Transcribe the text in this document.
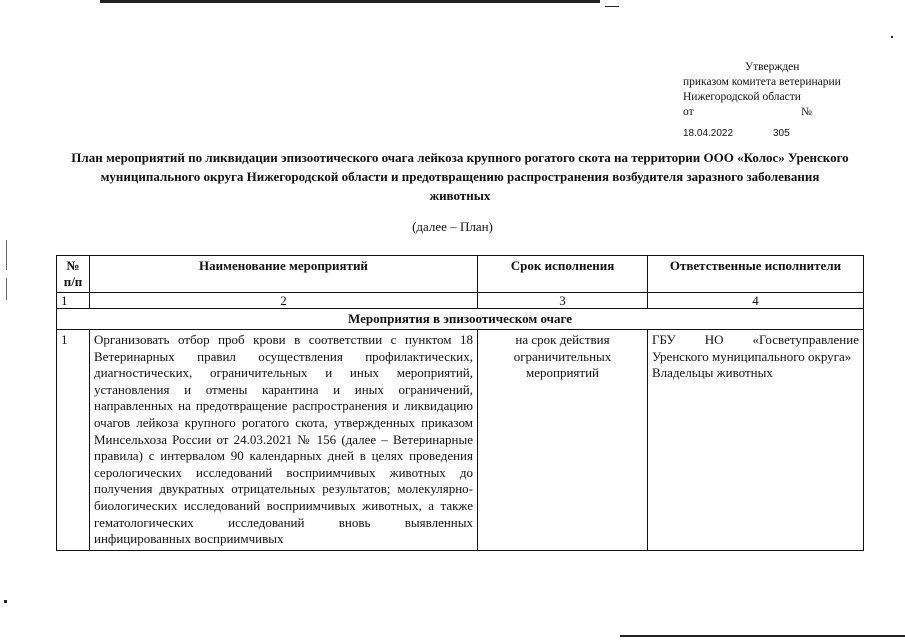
Утвержден
приказом комитета ветеринарии
Нижегородской области
от	№
18.04.2022	305
План мероприятий по ликвидации эпизоотического очага лейкоза крупного рогатого скота на территории ООО «Колос» Уренского муниципального округа Нижегородской области и предотвращению распространения возбудителя заразного заболевания животных
(далее – План)
№ п/п	Наименование мероприятий	Срок исполнения	Ответственные исполнители
1	2	3	4
Мероприятия в эпизоотическом очаге			
1	Организовать отбор проб крови в соответствии с пунктом 18 Ветеринарных правил осуществления профилактических, диагностических, ограничительных и иных мероприятий, установления и отмены карантина и иных ограничений, направленных на предотвращение распространения и ликвидацию очагов лейкоза крупного рогатого скота, утвержденных приказом Минсельхоза России от 24.03.2021 № 156 (далее – Ветеринарные правила) с интервалом 90 календарных дней в целях проведения серологических исследований восприимчивых животных до получения двукратных отрицательных результатов; молекулярно-биологических исследований восприимчивых животных, а также гематологических исследований вновь выявленных инфицированных восприимчивых	на срок действия ограничительных мероприятий	ГБУ НО «Госветуправление Уренского муниципального округа»
Владельцы животных
